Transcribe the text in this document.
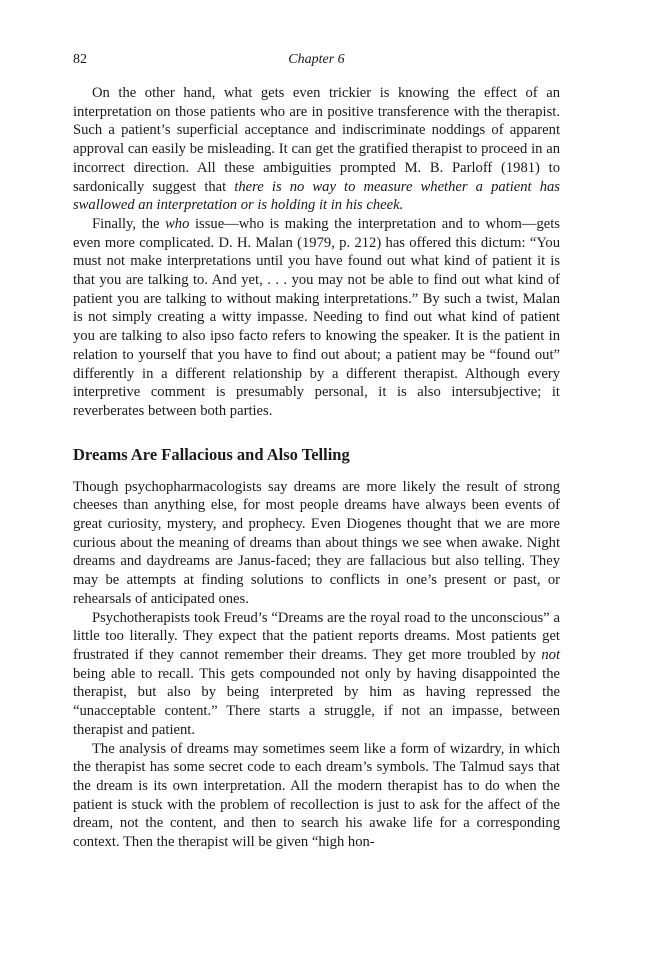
82	Chapter 6

On the other hand, what gets even trickier is knowing the effect of an interpretation on those patients who are in positive transference with the therapist. Such a patient’s superficial acceptance and indiscriminate noddings of apparent approval can easily be misleading. It can get the gratified therapist to proceed in an incorrect direction. All these ambiguities prompted M. B. Parloff (1981) to sardonically suggest that there is no way to measure whether a patient has swallowed an interpretation or is holding it in his cheek.

Finally, the who issue—who is making the interpretation and to whom—gets even more complicated. D. H. Malan (1979, p. 212) has offered this dictum: “You must not make interpretations until you have found out what kind of patient it is that you are talking to. And yet, . . . you may not be able to find out what kind of patient you are talking to without making interpretations.” By such a twist, Malan is not simply creating a witty impasse. Needing to find out what kind of patient you are talking to also ipso facto refers to knowing the speaker. It is the patient in relation to yourself that you have to find out about; a patient may be “found out” differently in a different relationship by a different therapist. Although every interpretive comment is presumably personal, it is also intersubjective; it reverberates between both parties.

Dreams Are Fallacious and Also Telling

Though psychopharmacologists say dreams are more likely the result of strong cheeses than anything else, for most people dreams have always been events of great curiosity, mystery, and prophecy. Even Diogenes thought that we are more curious about the meaning of dreams than about things we see when awake. Night dreams and daydreams are Janus-faced; they are fallacious but also telling. They may be attempts at finding solutions to conflicts in one’s present or past, or rehearsals of anticipated ones.

Psychotherapists took Freud’s “Dreams are the royal road to the unconscious” a little too literally. They expect that the patient reports dreams. Most patients get frustrated if they cannot remember their dreams. They get more troubled by not being able to recall. This gets compounded not only by having disappointed the therapist, but also by being interpreted by him as having repressed the “unacceptable content.” There starts a struggle, if not an impasse, between therapist and patient.

The analysis of dreams may sometimes seem like a form of wizardry, in which the therapist has some secret code to each dream’s symbols. The Talmud says that the dream is its own interpretation. All the modern therapist has to do when the patient is stuck with the problem of recollection is just to ask for the affect of the dream, not the content, and then to search his awake life for a corresponding context. Then the therapist will be given “high hon-
